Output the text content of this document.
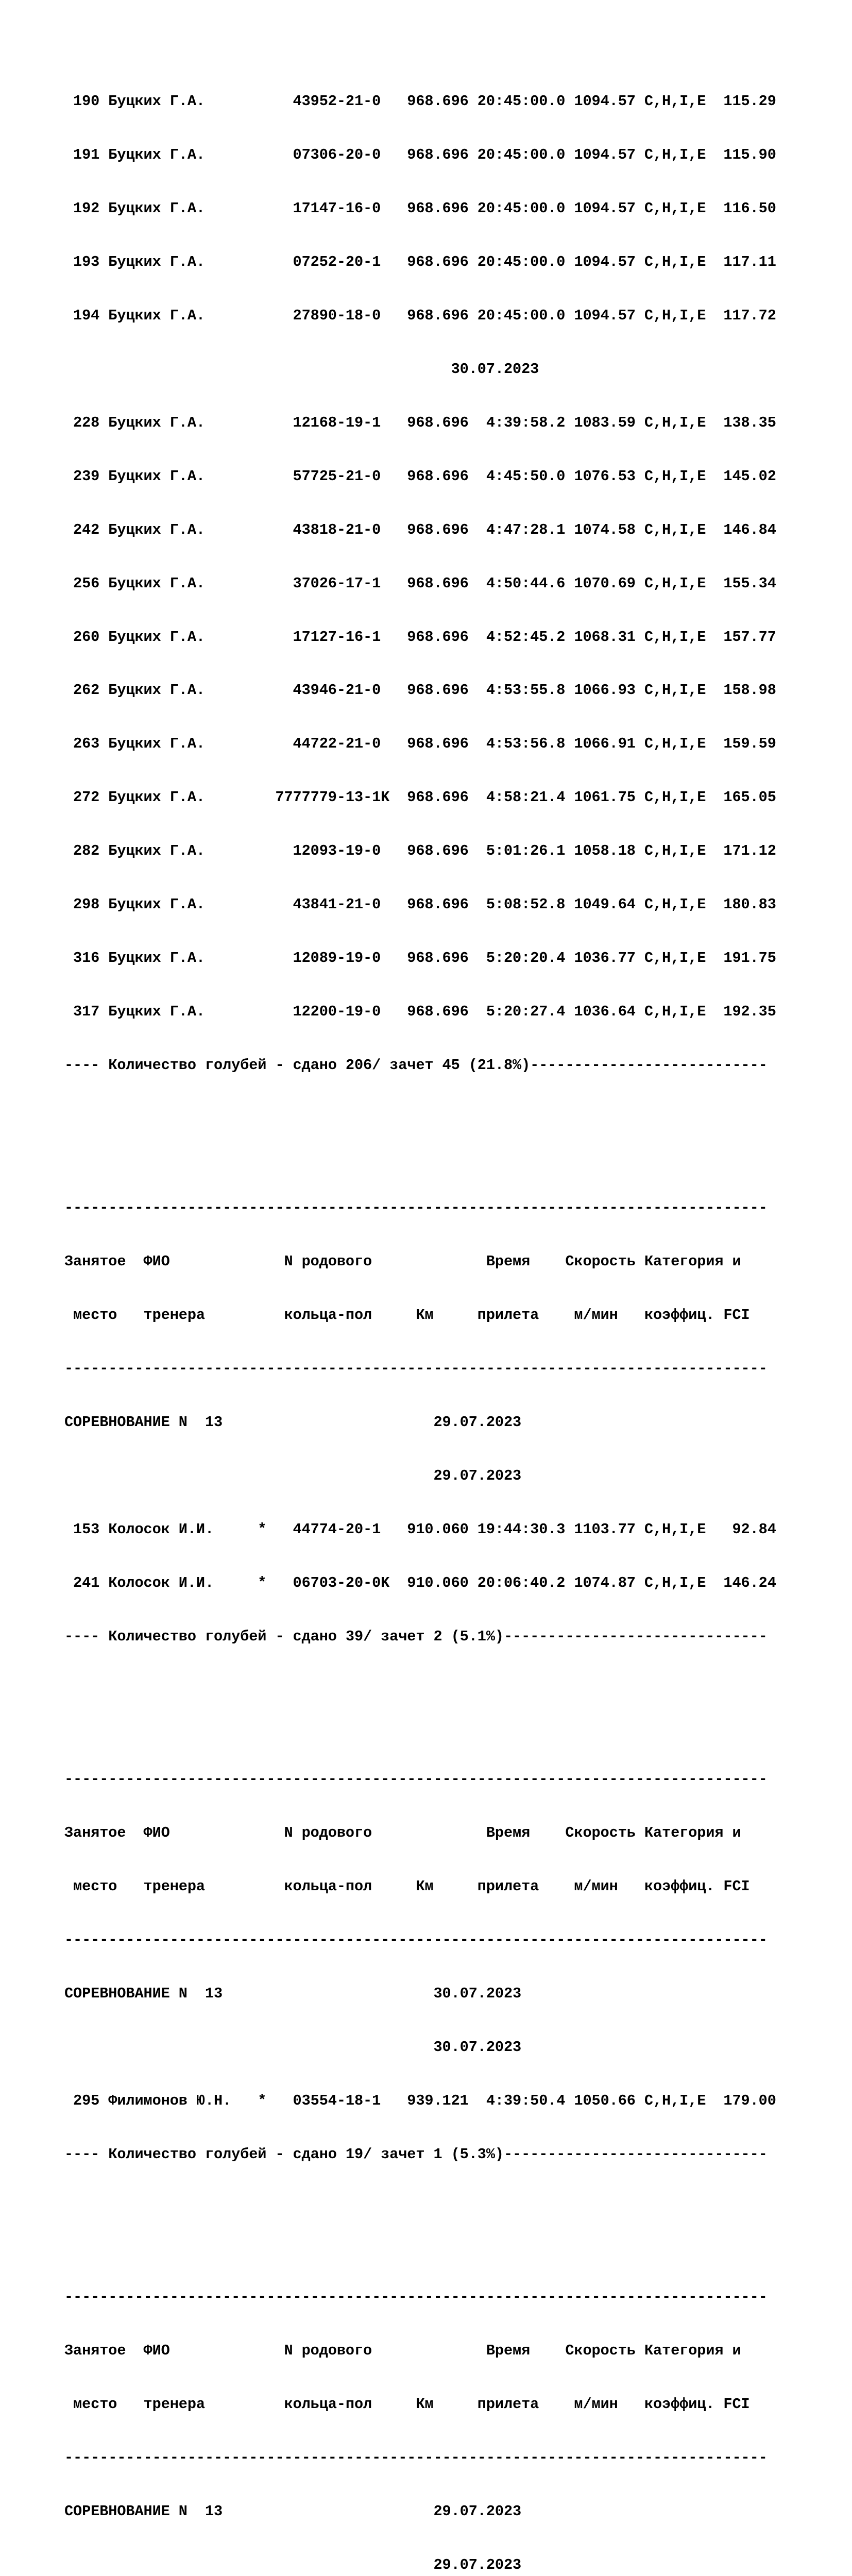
190 Буцких Г.А.          43952-21-0   968.696 20:45:00.0 1094.57 C,H,I,E  115.29

191 Буцких Г.А.          07306-20-0   968.696 20:45:00.0 1094.57 C,H,I,E  115.90

192 Буцких Г.А.          17147-16-0   968.696 20:45:00.0 1094.57 C,H,I,E  116.50

193 Буцких Г.А.          07252-20-1   968.696 20:45:00.0 1094.57 C,H,I,E  117.11

194 Буцких Г.А.          27890-18-0   968.696 20:45:00.0 1094.57 C,H,I,E  117.72

30.07.2023

228 Буцких Г.А.          12168-19-1   968.696  4:39:58.2 1083.59 C,H,I,E  138.35

239 Буцких Г.А.          57725-21-0   968.696  4:45:50.0 1076.53 C,H,I,E  145.02

242 Буцких Г.А.          43818-21-0   968.696  4:47:28.1 1074.58 C,H,I,E  146.84

256 Буцких Г.А.          37026-17-1   968.696  4:50:44.6 1070.69 C,H,I,E  155.34

260 Буцких Г.А.          17127-16-1   968.696  4:52:45.2 1068.31 C,H,I,E  157.77

262 Буцких Г.А.          43946-21-0   968.696  4:53:55.8 1066.93 C,H,I,E  158.98

263 Буцких Г.А.          44722-21-0   968.696  4:53:56.8 1066.91 C,H,I,E  159.59

272 Буцких Г.А.        7777779-13-1K  968.696  4:58:21.4 1061.75 C,H,I,E  165.05

282 Буцких Г.А.          12093-19-0   968.696  5:01:26.1 1058.18 C,H,I,E  171.12

298 Буцких Г.А.          43841-21-0   968.696  5:08:52.8 1049.64 C,H,I,E  180.83

316 Буцких Г.А.          12089-19-0   968.696  5:20:20.4 1036.77 C,H,I,E  191.75

317 Буцких Г.А.          12200-19-0   968.696  5:20:27.4 1036.64 C,H,I,E  192.35

---- Количество голубей - сдано 206/ зачет 45 (21.8%)---------------------------

--------------------------------------------------------------------------------

Занятое  ФИО             N родового             Время    Скорость Категория и

место   тренера         кольца-пол     Км     прилета    м/мин   коэффиц. FCI

--------------------------------------------------------------------------------

СОРЕВНОВАНИЕ N  13                        29.07.2023

29.07.2023

153 Колосок И.И.     *   44774-20-1   910.060 19:44:30.3 1103.77 C,H,I,E   92.84

241 Колосок И.И.     *   06703-20-0K  910.060 20:06:40.2 1074.87 C,H,I,E  146.24

---- Количество голубей - сдано 39/ зачет 2 (5.1%)------------------------------

--------------------------------------------------------------------------------

Занятое  ФИО             N родового             Время    Скорость Категория и

место   тренера         кольца-пол     Км     прилета    м/мин   коэффиц. FCI

--------------------------------------------------------------------------------

СОРЕВНОВАНИЕ N  13                        30.07.2023

30.07.2023

295 Филимонов Ю.Н.   *   03554-18-1   939.121  4:39:50.4 1050.66 C,H,I,E  179.00

---- Количество голубей - сдано 19/ зачет 1 (5.3%)------------------------------

--------------------------------------------------------------------------------

Занятое  ФИО             N родового             Время    Скорость Категория и

место   тренера         кольца-пол     Км     прилета    м/мин   коэффиц. FCI

--------------------------------------------------------------------------------

СОРЕВНОВАНИЕ N  13                        29.07.2023

29.07.2023
